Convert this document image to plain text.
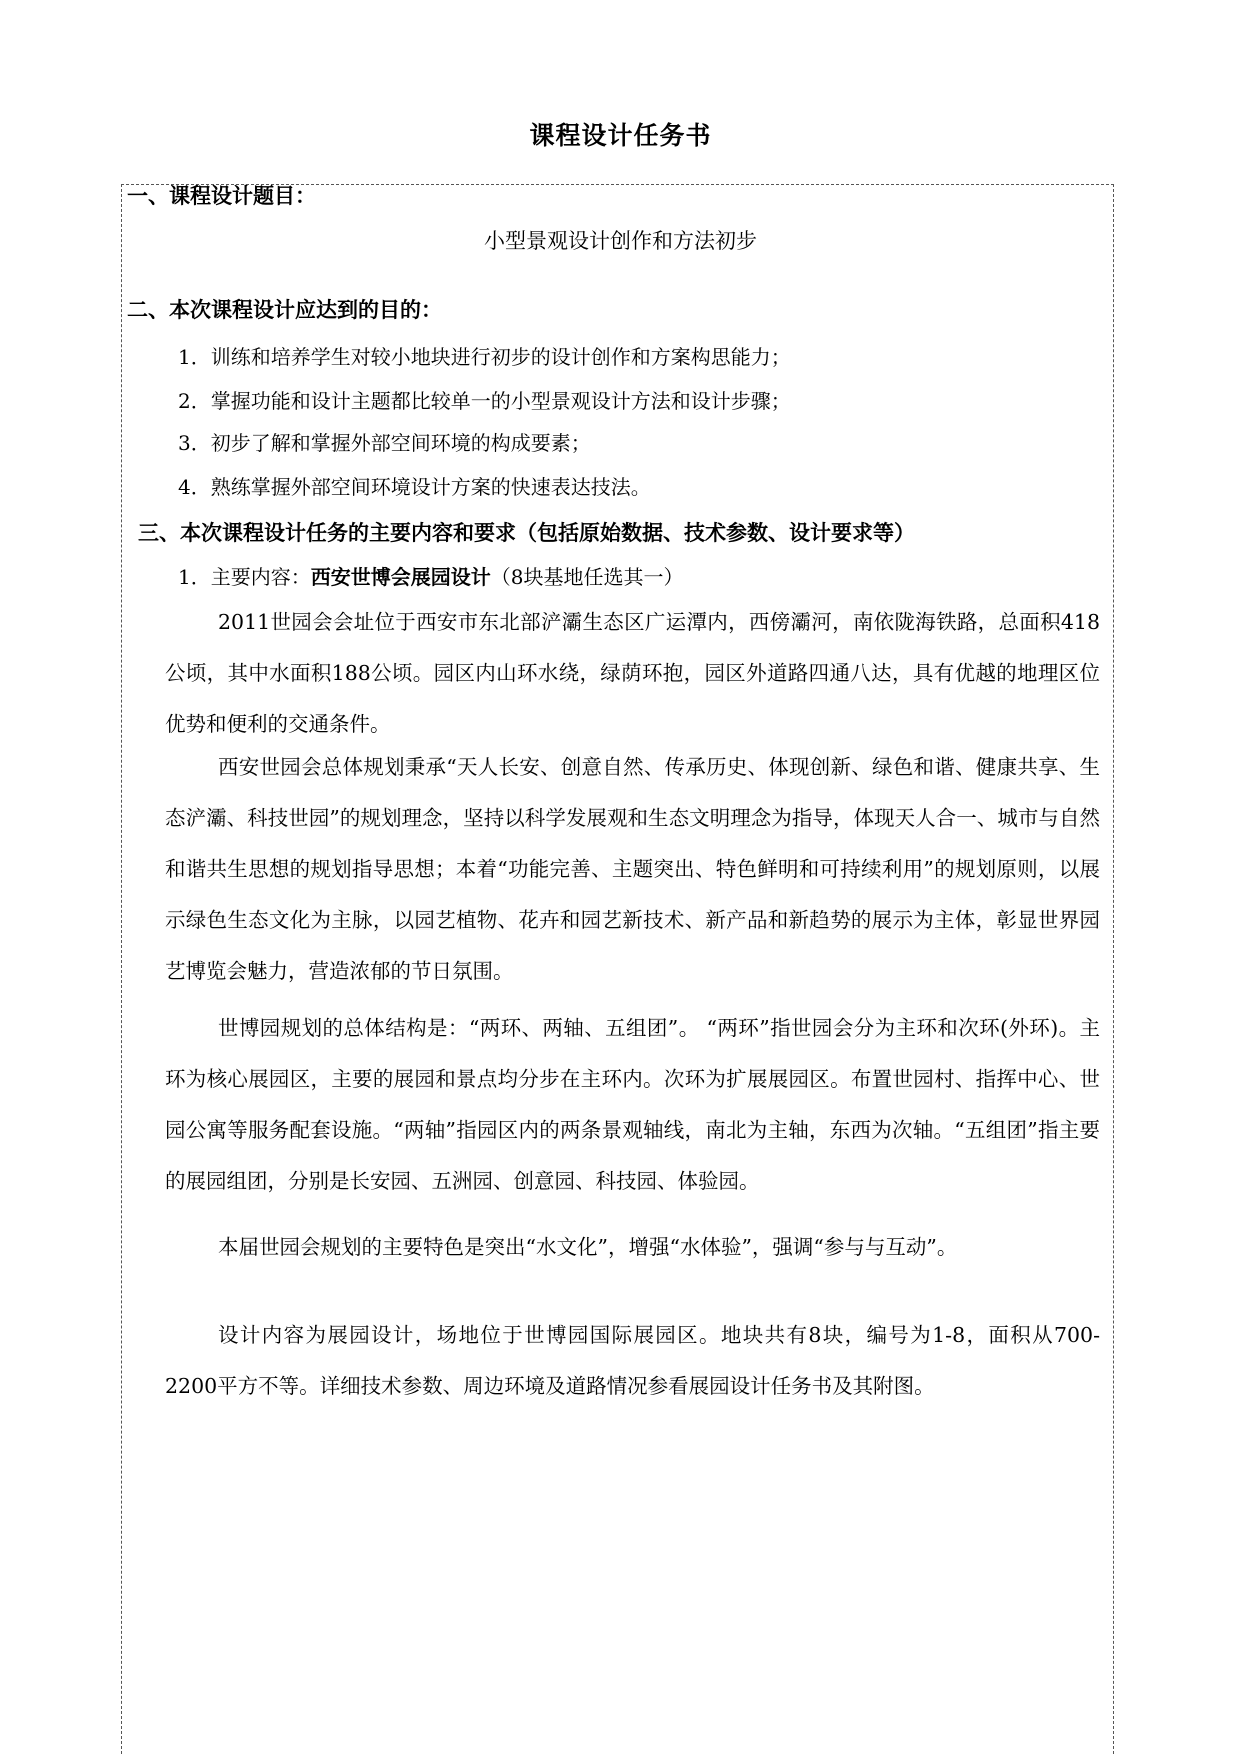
课程设计任务书
一、课程设计题目：
小型景观设计创作和方法初步
二、本次课程设计应达到的目的：
1．训练和培养学生对较小地块进行初步的设计创作和方案构思能力；
2．掌握功能和设计主题都比较单一的小型景观设计方法和设计步骤；
3．初步了解和掌握外部空间环境的构成要素；
4．熟练掌握外部空间环境设计方案的快速表达技法。
三、本次课程设计任务的主要内容和要求（包括原始数据、技术参数、设计要求等）
1．主要内容：西安世博会展园设计（8块基地任选其一）

2011世园会会址位于西安市东北部浐灞生态区广运潭内，西傍灞河，南依陇海铁路，总面积418公顷，其中水面积188公顷。园区内山环水绕，绿荫环抱，园区外道路四通八达，具有优越的地理区位优势和便利的交通条件。

西安世园会总体规划秉承“天人长安、创意自然、传承历史、体现创新、绿色和谐、健康共享、生态浐灞、科技世园”的规划理念，坚持以科学发展观和生态文明理念为指导，体现天人合一、城市与自然和谐共生思想的规划指导思想；本着“功能完善、主题突出、特色鲜明和可持续利用”的规划原则，以展示绿色生态文化为主脉，以园艺植物、花卉和园艺新技术、新产品和新趋势的展示为主体，彰显世界园艺博览会魅力，营造浓郁的节日氛围。

世博园规划的总体结构是：“两环、两轴、五组团”。 “两环”指世园会分为主环和次环(外环)。主环为核心展园区，主要的展园和景点均分步在主环内。次环为扩展展园区。布置世园村、指挥中心、世园公寓等服务配套设施。“两轴”指园区内的两条景观轴线，南北为主轴，东西为次轴。“五组团”指主要的展园组团，分别是长安园、五洲园、创意园、科技园、体验园。

本届世园会规划的主要特色是突出“水文化”，增强“水体验”，强调“参与与互动”。

设计内容为展园设计，场地位于世博园国际展园区。地块共有8块，编号为1-8，面积从700-2200平方不等。详细技术参数、周边环境及道路情况参看展园设计任务书及其附图。
